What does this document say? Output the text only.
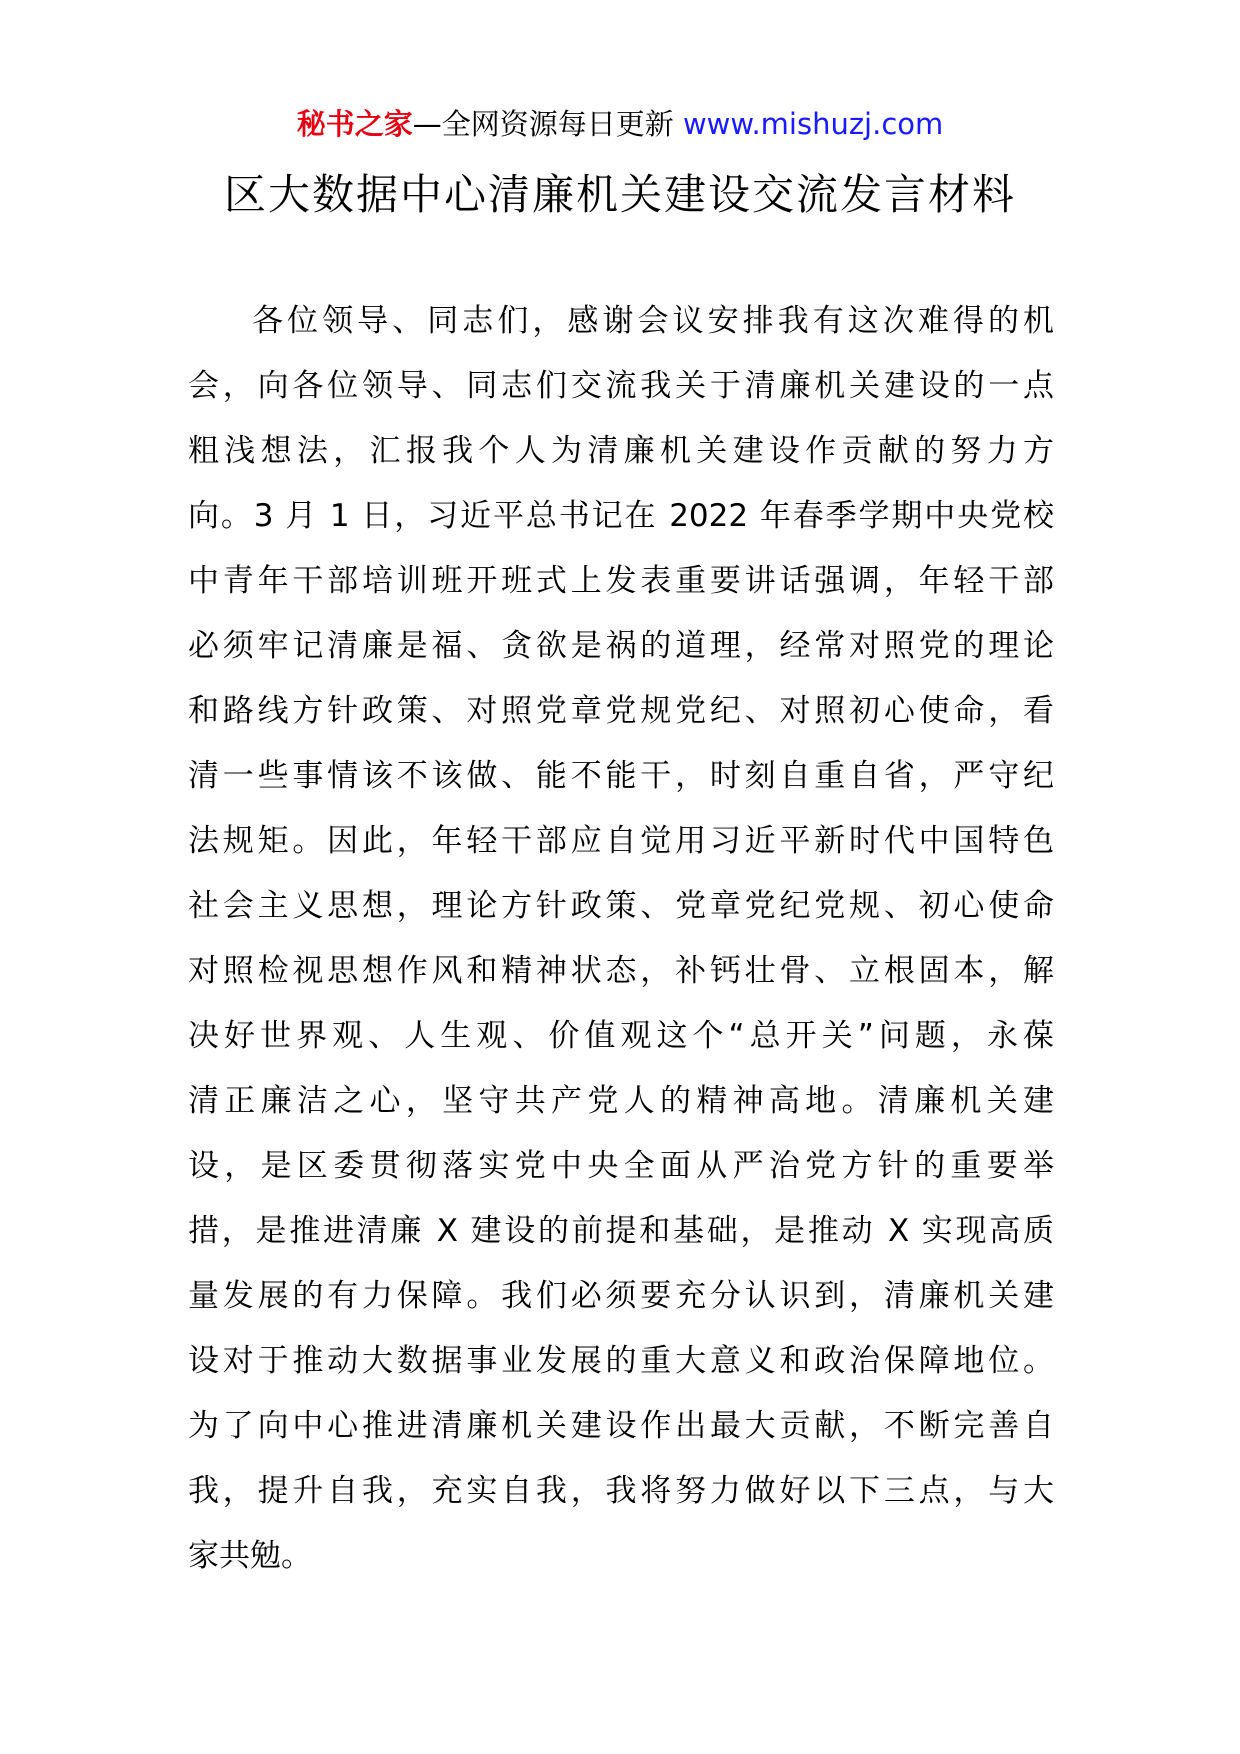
秘书之家—全网资源每日更新 www.mishuzj.com
区大数据中心清廉机关建设交流发言材料
各位领导、同志们，感谢会议安排我有这次难得的机
会，向各位领导、同志们交流我关于清廉机关建设的一点
粗浅想法，汇报我个人为清廉机关建设作贡献的努力方
向。3 月 1 日，习近平总书记在 2022 年春季学期中央党校
中青年干部培训班开班式上发表重要讲话强调，年轻干部
必须牢记清廉是福、贪欲是祸的道理，经常对照党的理论
和路线方针政策、对照党章党规党纪、对照初心使命，看
清一些事情该不该做、能不能干，时刻自重自省，严守纪
法规矩。因此，年轻干部应自觉用习近平新时代中国特色
社会主义思想，理论方针政策、党章党纪党规、初心使命
对照检视思想作风和精神状态，补钙壮骨、立根固本，解
决好世界观、人生观、价值观这个“总开关”问题，永葆
清正廉洁之心，坚守共产党人的精神高地。清廉机关建
设，是区委贯彻落实党中央全面从严治党方针的重要举
措，是推进清廉 X 建设的前提和基础，是推动 X 实现高质
量发展的有力保障。我们必须要充分认识到，清廉机关建
设对于推动大数据事业发展的重大意义和政治保障地位。
为了向中心推进清廉机关建设作出最大贡献，不断完善自
我，提升自我，充实自我，我将努力做好以下三点，与大
家共勉。
